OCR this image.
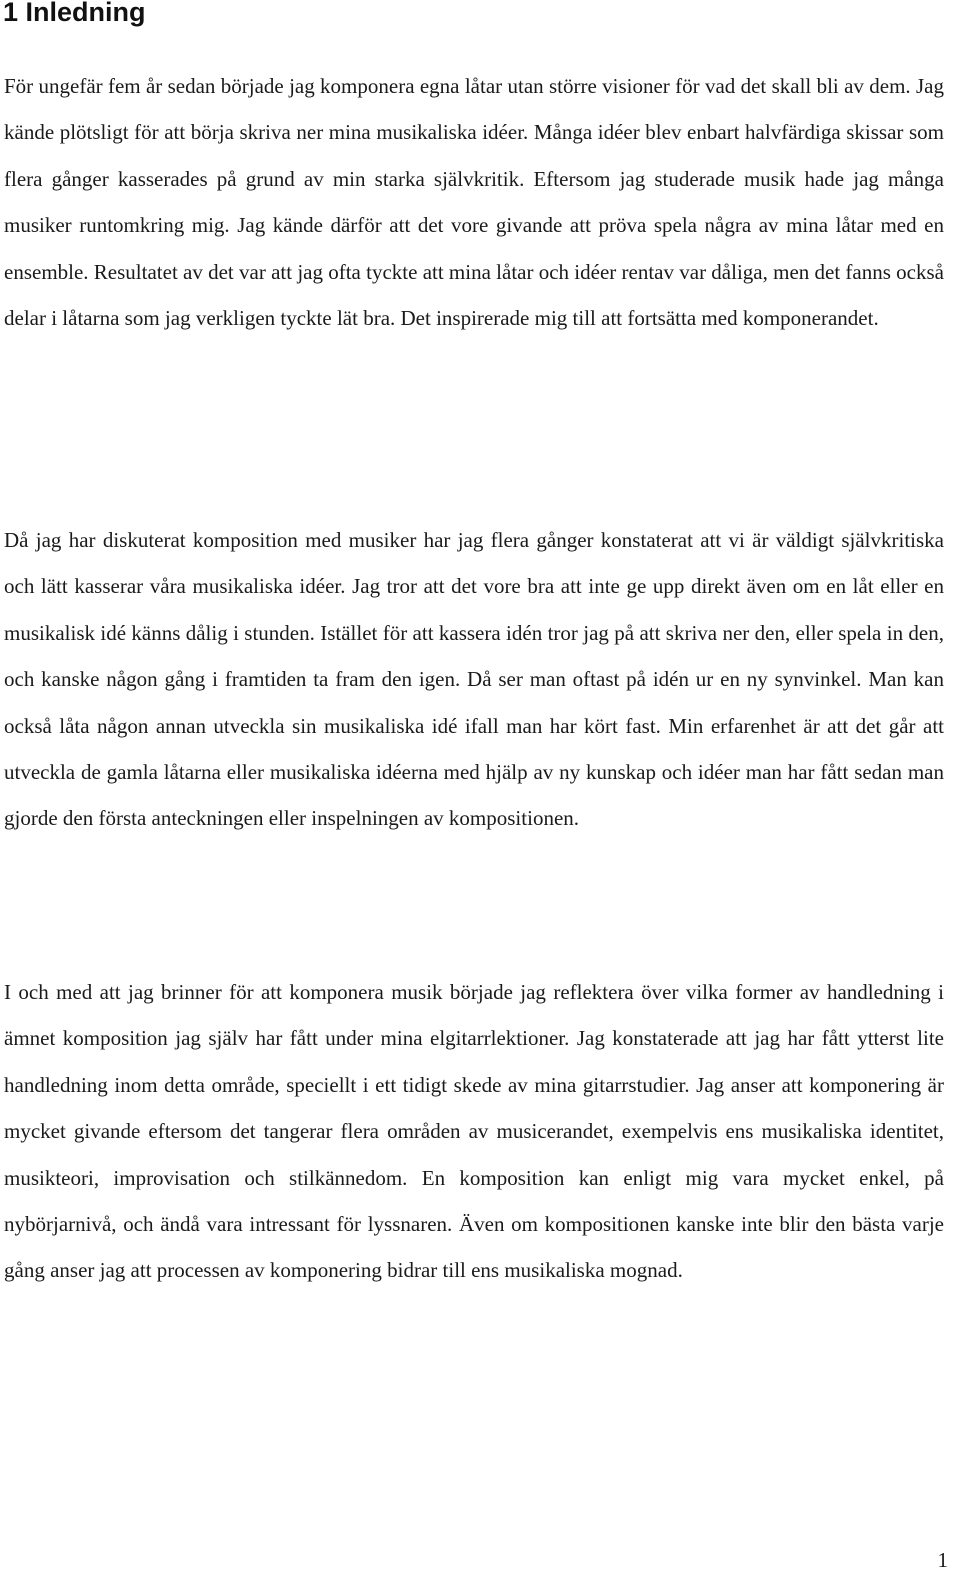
1 Inledning

För ungefär fem år sedan började jag komponera egna låtar utan större visioner för vad det skall bli av dem. Jag kände plötsligt för att börja skriva ner mina musikaliska idéer. Många idéer blev enbart halvfärdiga skissar som flera gånger kasserades på grund av min starka självkritik. Eftersom jag studerade musik hade jag många musiker runtomkring mig. Jag kände därför att det vore givande att pröva spela några av mina låtar med en ensemble. Resultatet av det var att jag ofta tyckte att mina låtar och idéer rentav var dåliga, men det fanns också delar i låtarna som jag verkligen tyckte lät bra. Det inspirerade mig till att fortsätta med komponerandet.

Då jag har diskuterat komposition med musiker har jag flera gånger konstaterat att vi är väldigt självkritiska och lätt kasserar våra musikaliska idéer. Jag tror att det vore bra att inte ge upp direkt även om en låt eller en musikalisk idé känns dålig i stunden. Istället för att kassera idén tror jag på att skriva ner den, eller spela in den, och kanske någon gång i framtiden ta fram den igen. Då ser man oftast på idén ur en ny synvinkel. Man kan också låta någon annan utveckla sin musikaliska idé ifall man har kört fast. Min erfarenhet är att det går att utveckla de gamla låtarna eller musikaliska idéerna med hjälp av ny kunskap och idéer man har fått sedan man gjorde den första anteckningen eller inspelningen av kompositionen.

I och med att jag brinner för att komponera musik började jag reflektera över vilka former av handledning i ämnet komposition jag själv har fått under mina elgitarrlektioner. Jag konstaterade att jag har fått ytterst lite handledning inom detta område, speciellt i ett tidigt skede av mina gitarrstudier. Jag anser att komponering är mycket givande eftersom det tangerar flera områden av musicerandet, exempelvis ens musikaliska identitet, musikteori, improvisation och stilkännedom. En komposition kan enligt mig vara mycket enkel, på nybörjarnivå, och ändå vara intressant för lyssnaren. Även om kompositionen kanske inte blir den bästa varje gång anser jag att processen av komponering bidrar till ens musikaliska mognad.

1
